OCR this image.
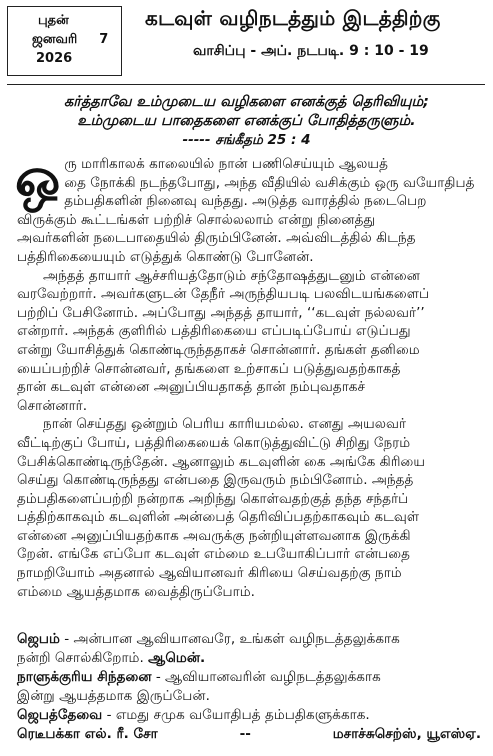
புதன்
ஜனவரி 7
2026
கடவுள் வழிநடத்தும் இடத்திற்கு
வாசிப்பு - அப். நடபடி. 9 : 10 - 19
கர்த்தாவே உம்முடைய வழிகளை எனக்குத் தெரிவியும்;
உம்முடைய பாதைகளை எனக்குப் போதித்தருளும்.
----- சங்கீதம் 25 : 4
ஒ ரு மாரிகாலக் காலையில் நான் பணிசெய்யும் ஆலயத்
தை நோக்கி நடந்தபோது, அந்த வீதியில் வசிக்கும் ஒரு வயோதிபத்
தம்பதிகளின் நினைவு வந்தது. அடுத்த வாரத்தில் நடைபெற
விருக்கும் கூட்டங்கள் பற்றிச் சொல்லலாம் என்று நினைத்து
அவர்களின் நடைபாதையில் திரும்பினேன். அவ்விடத்தில் கிடந்த
பத்திரிகையையும் எடுத்துக் கொண்டு போனேன்.
அந்தத் தாயார் ஆச்சரியத்தோடும் சந்தோஷத்துடனும் என்னை
வரவேற்றார். அவர்களுடன் தேநீர் அருந்தியபடி பலவிடயங்களைப்
பற்றிப் பேசினோம். அப்போது அந்தத் தாயார், ‘‘கடவுள் நல்லவர்’’
என்றார். அந்தக் குளிரில் பத்திரிகையை எப்படிப்போய் எடுப்பது
என்று யோசித்துக் கொண்டிருந்ததாகச் சொன்னார். தங்கள் தனிமை
யைப்பற்றிச் சொன்னவர், தங்களை உற்சாகப் படுத்துவதற்காகத்
தான் கடவுள் என்னை அனுப்பியதாகத் தான் நம்புவதாகச்
சொன்னார்.
நான் செய்தது ஒன்றும் பெரிய காரியமல்ல. எனது அயலவர்
வீட்டிற்குப் போய், பத்திரிகையைக் கொடுத்துவிட்டு சிறிது நேரம்
பேசிக்கொண்டிருந்தேன். ஆனாலும் கடவுளின் கை அங்கே கிரியை
செய்து கொண்டிருந்தது என்பதை இருவரும் நம்பினோம். அந்தத்
தம்பதிகளைப்பற்றி நன்றாக அறிந்து கொள்வதற்குத் தந்த சந்தர்ப்
பத்திற்காகவும் கடவுளின் அன்பைத் தெரிவிப்பதற்காகவும் கடவுள்
என்னை அனுப்பியதற்காக அவருக்கு நன்றியுள்ளவனாக இருக்கி
றேன். எங்கே எப்போ கடவுள் எம்மை உபயோகிப்பார் என்பதை
நாமறியோம் அதனால் ஆவியானவர் கிரியை செய்வதற்கு நாம்
எம்மை ஆயத்தமாக வைத்திருப்போம்.
ஜெபம் - அன்பான ஆவியானவரே, உங்கள் வழிநடத்தலுக்காக
நன்றி சொல்கிறோம். ஆமென்.
நாளுக்குரிய சிந்தனை - ஆவியானவரின் வழிநடத்தலுக்காக
இன்று ஆயத்தமாக இருப்பேன்.
ஜெபத்தேவை - எமது சமுக வயோதிபத் தம்பதிகளுக்காக.
ரெடீபக்கா எல். ரீ. சோ	--	மசாச்சுசெற்ஸ், யூஎஸ்ஏ.
